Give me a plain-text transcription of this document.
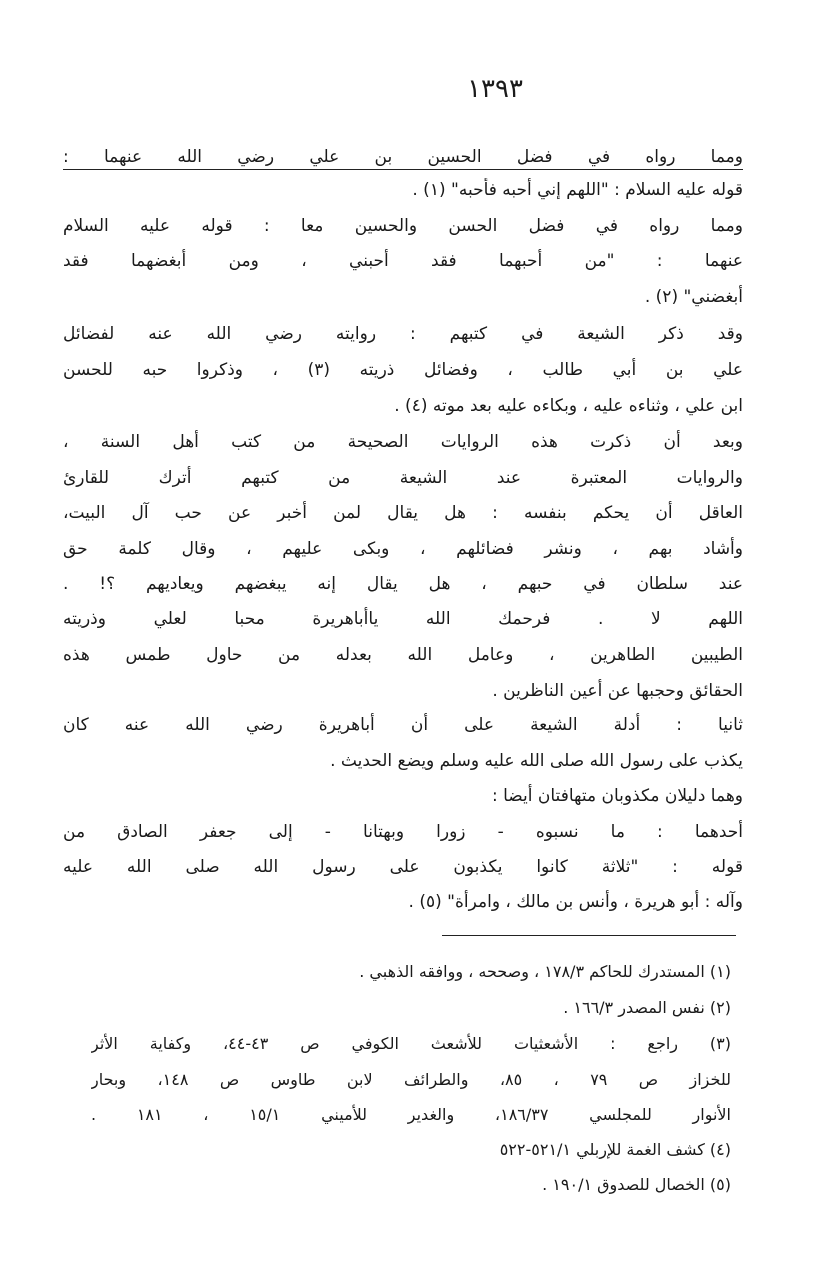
١٣٩٣
ومما رواه في فضل الحسين بن علي رضي الله عنهما :
قوله عليه السلام : "اللهم إني أحبه فأحبه" (١) .
ومما رواه في فضل الحسن والحسين معا : قوله عليه السلام
عنهما : "من أحبهما فقد أحبني ، ومن أبغضهما فقد
أبغضني" (٢) .
وقد ذكر الشيعة في كتبهم : روايته رضي الله عنه لفضائل
علي بن أبي طالب ، وفضائل ذريته (٣) ، وذكروا حبه للحسن
ابن علي ، وثناءه عليه ، وبكاءه عليه بعد موته (٤) .
وبعد أن ذكرت هذه الروايات الصحيحة من كتب أهل السنة ،
والروايات المعتبرة عند الشيعة من كتبهم أترك للقارئ
العاقل أن يحكم بنفسه : هل يقال لمن أخبر عن حب آل البيت،
وأشاد بهم ، ونشر فضائلهم ، وبكى عليهم ، وقال كلمة حق
عند سلطان في حبهم ، هل يقال إنه يبغضهم ويعاديهم ؟! .
اللهم لا . فرحمك الله ياأباهريرة محبا لعلي وذريته
الطيبين الطاهرين ، وعامل الله بعدله من حاول طمس هذه
الحقائق وحجبها عن أعين الناظرين .
ثانيا : أدلة الشيعة على أن أباهريرة رضي الله عنه كان
يكذب على رسول الله صلى الله عليه وسلم ويضع الحديث .
وهما دليلان مكذوبان متهافتان أيضا :
أحدهما : ما نسبوه - زورا وبهتانا - إلى جعفر الصادق من
قوله : "ثلاثة كانوا يكذبون على رسول الله صلى الله عليه
وآله : أبو هريرة ، وأنس بن مالك ، وامرأة" (٥) .
(١) المستدرك للحاكم ١٧٨/٣ ، وصححه ، ووافقه الذهبي .
(٢) نفس المصدر ١٦٦/٣ .
(٣) راجع : الأشعثيات للأشعث الكوفي ص ٤٣-٤٤، وكفاية الأثر
للخزاز ص ٧٩ ، ٨٥، والطرائف لابن طاوس ص ١٤٨، وبحار
الأنوار للمجلسي ١٨٦/٣٧، والغدير للأميني ١٥/١ ، ١٨١ .
(٤) كشف الغمة للإربلي ٥٢١/١-٥٢٢
(٥) الخصال للصدوق ١٩٠/١ .
